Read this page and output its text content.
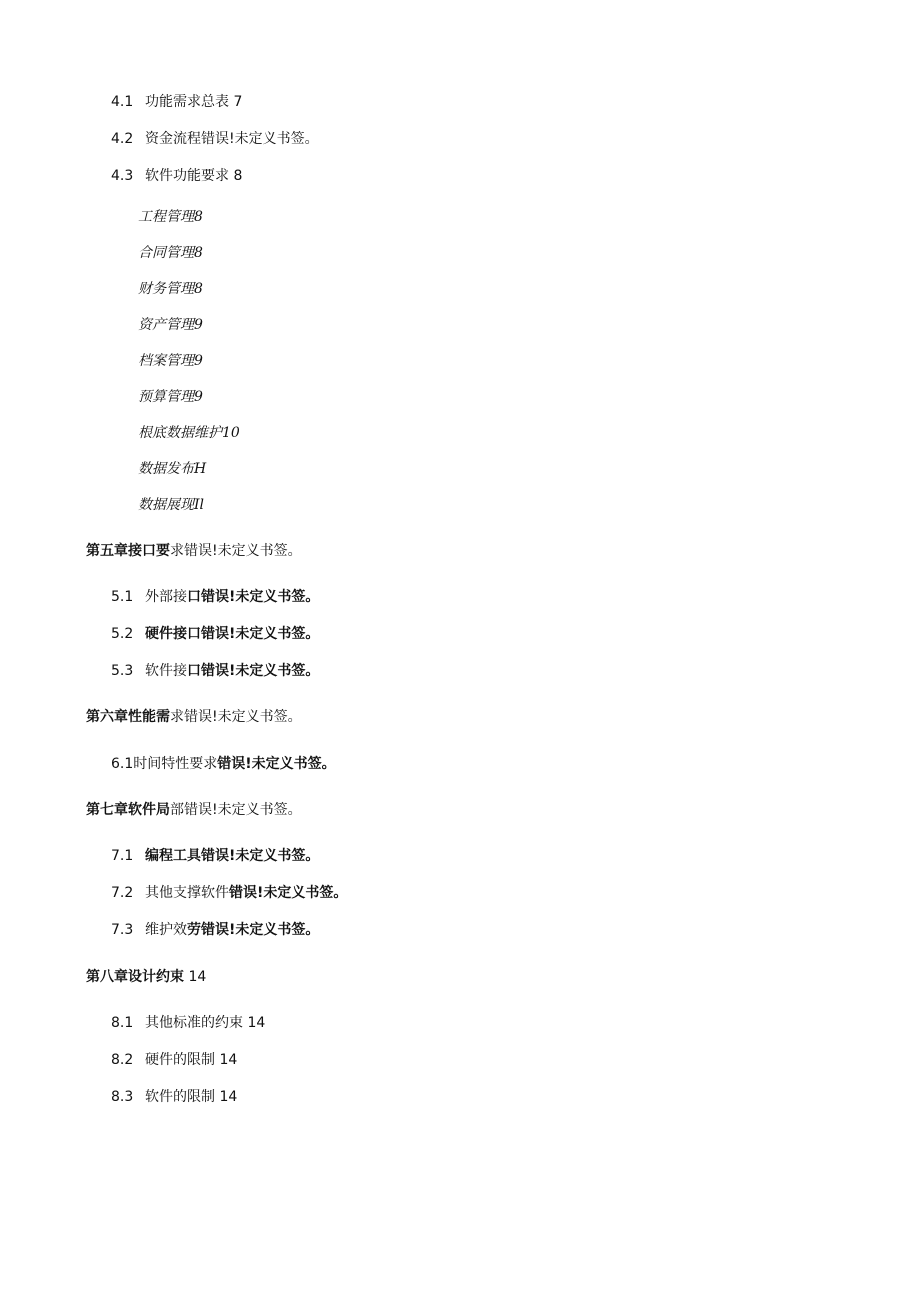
4.1 功能需求总表 7
4.2 资金流程错误!未定义书签。
4.3 软件功能要求 8
工程管理8
合同管理8
财务管理8
资产管理9
档案管理9
预算管理9
根底数据维护10
数据发布H
数据展现Il
第五章接口要求错误!未定义书签。
5.1 外部接口错误!未定义书签。
5.2 硬件接口错误!未定义书签。
5.3 软件接口错误!未定义书签。
第六章性能需求错误!未定义书签。
6.1时间特性要求错误!未定义书签。
第七章软件局部错误!未定义书签。
7.1 编程工具错误!未定义书签。
7.2 其他支撑软件错误!未定义书签。
7.3 维护效劳错误!未定义书签。
第八章设计约束 14
8.1 其他标准的约束 14
8.2 硬件的限制 14
8.3 软件的限制 14
